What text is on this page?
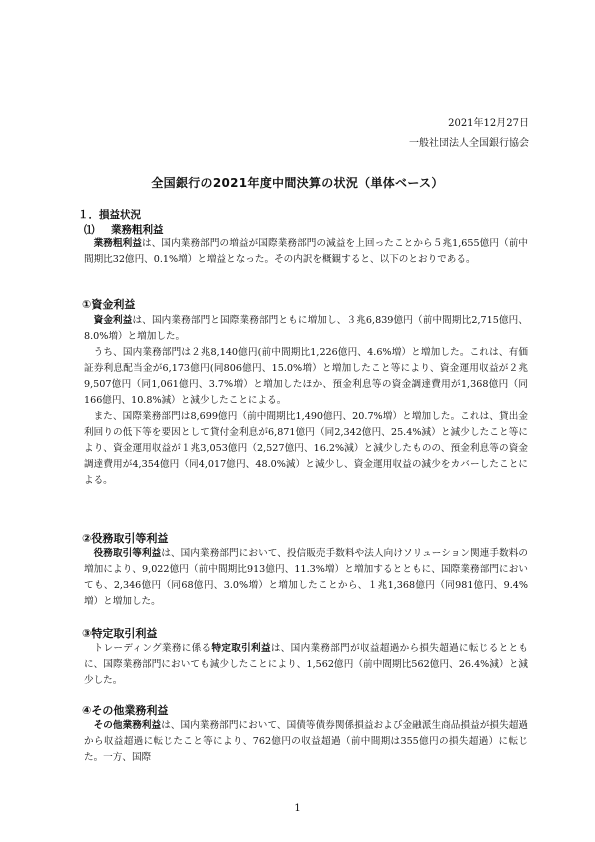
2021年12月27日
一般社団法人全国銀行協会
全国銀行の2021年度中間決算の状況（単体ベース）
１．損益状況
⑴ 業務粗利益

業務粗利益は、国内業務部門の増益が国際業務部門の減益を上回ったことから５兆1,655億円（前中間期比32億円、0.1%増）と増益となった。その内訳を概観すると、以下のとおりである。

①資金利益

資金利益は、国内業務部門と国際業務部門ともに増加し、３兆6,839億円（前中間期比2,715億円、8.0%増）と増加した。

うち、国内業務部門は２兆8,140億円(前中間期比1,226億円、4.6%増）と増加した。これは、有価証券利息配当金が6,173億円(同806億円、15.0%増）と増加したこと等により、資金運用収益が２兆9,507億円（同1,061億円、3.7%増）と増加したほか、預金利息等の資金調達費用が1,368億円（同166億円、10.8%減）と減少したことによる。

また、国際業務部門は8,699億円（前中間期比1,490億円、20.7%増）と増加した。これは、貸出金利回りの低下等を要因として貸付金利息が6,871億円（同2,342億円、25.4%減）と減少したこと等により、資金運用収益が１兆3,053億円（2,527億円、16.2%減）と減少したものの、預金利息等の資金調達費用が4,354億円（同4,017億円、48.0%減）と減少し、資金運用収益の減少をカバーしたことによる。

②役務取引等利益

役務取引等利益は、国内業務部門において、投信販売手数料や法人向けソリューション関連手数料の増加により、9,022億円（前中間期比913億円、11.3%増）と増加するとともに、国際業務部門においても、2,346億円（同68億円、3.0%増）と増加したことから、１兆1,368億円（同981億円、9.4%増）と増加した。

③特定取引利益

トレーディング業務に係る特定取引利益は、国内業務部門が収益超過から損失超過に転じるとともに、国際業務部門においても減少したことにより、1,562億円（前中間期比562億円、26.4%減）と減少した。

④その他業務利益

その他業務利益は、国内業務部門において、国債等債券関係損益および金融派生商品損益が損失超過から収益超過に転じたこと等により、762億円の収益超過（前中間期は355億円の損失超過）に転じた。一方、国際

1
